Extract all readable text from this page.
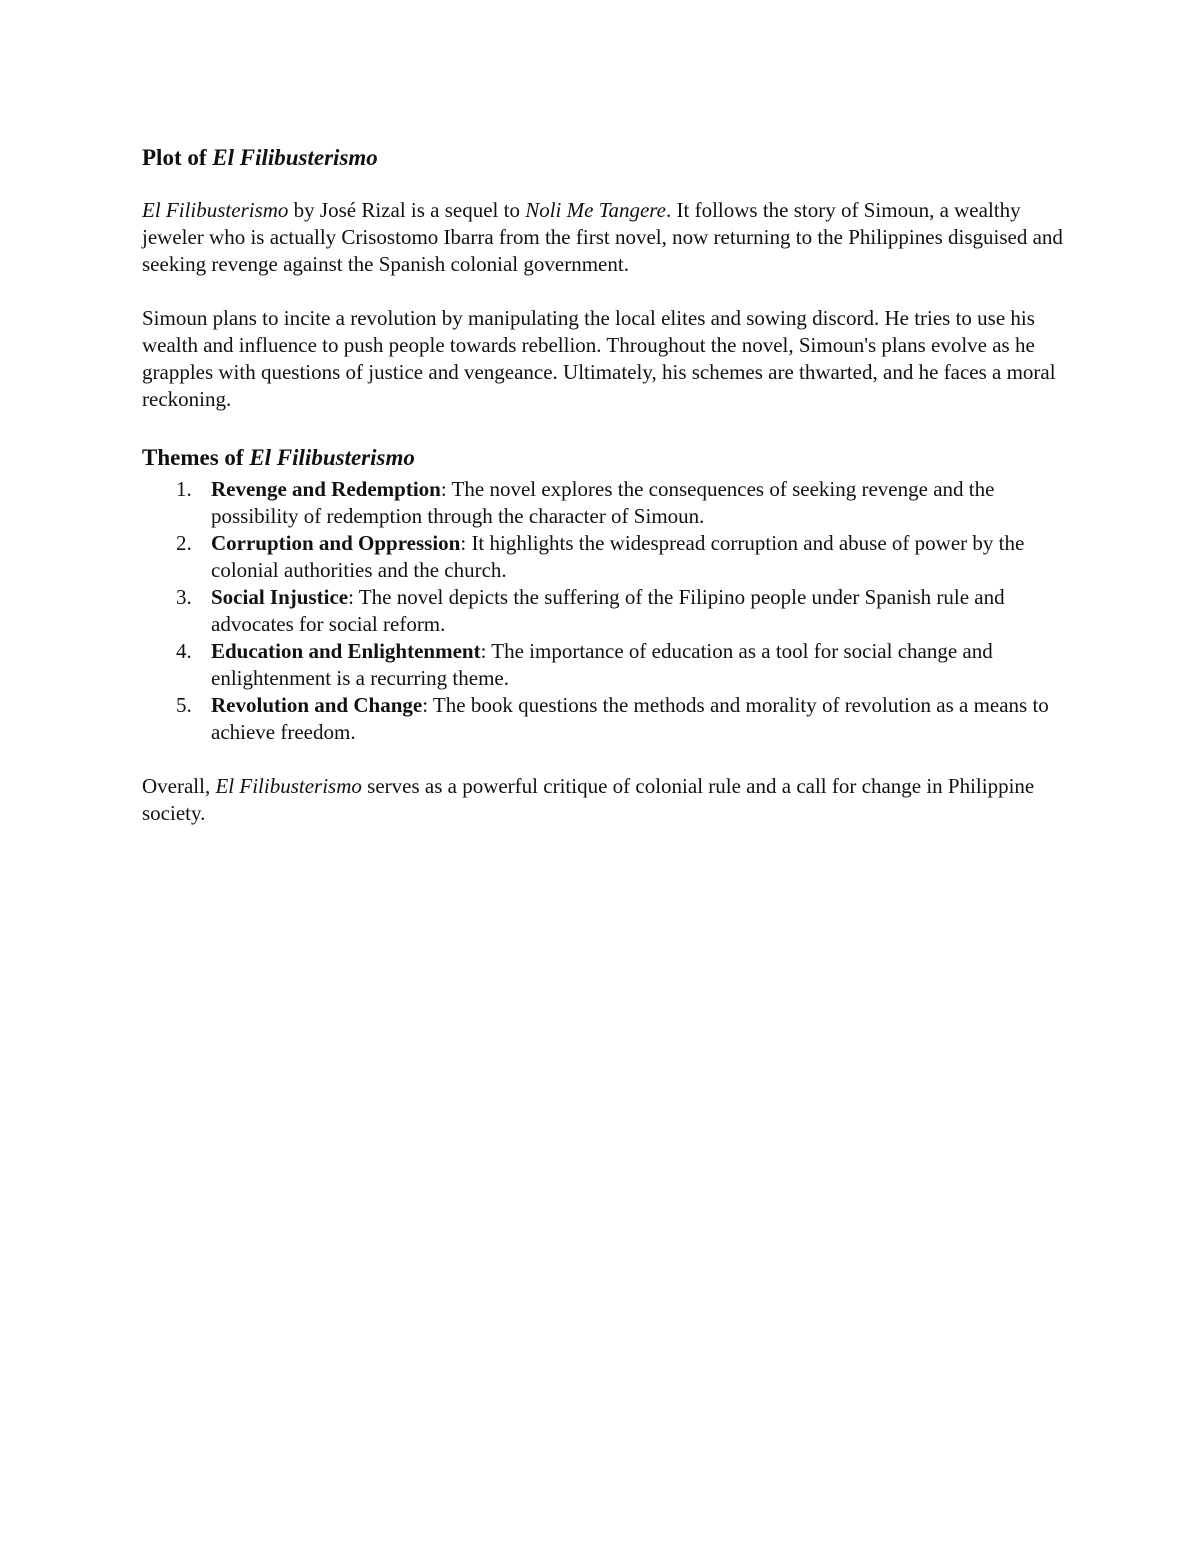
Plot of El Filibusterismo

El Filibusterismo by José Rizal is a sequel to Noli Me Tangere. It follows the story of Simoun, a wealthy jeweler who is actually Crisostomo Ibarra from the first novel, now returning to the Philippines disguised and seeking revenge against the Spanish colonial government.

Simoun plans to incite a revolution by manipulating the local elites and sowing discord. He tries to use his wealth and influence to push people towards rebellion. Throughout the novel, Simoun's plans evolve as he grapples with questions of justice and vengeance. Ultimately, his schemes are thwarted, and he faces a moral reckoning.

Themes of El Filibusterismo
1. Revenge and Redemption: The novel explores the consequences of seeking revenge and the possibility of redemption through the character of Simoun.
2. Corruption and Oppression: It highlights the widespread corruption and abuse of power by the colonial authorities and the church.
3. Social Injustice: The novel depicts the suffering of the Filipino people under Spanish rule and advocates for social reform.
4. Education and Enlightenment: The importance of education as a tool for social change and enlightenment is a recurring theme.
5. Revolution and Change: The book questions the methods and morality of revolution as a means to achieve freedom.

Overall, El Filibusterismo serves as a powerful critique of colonial rule and a call for change in Philippine society.
